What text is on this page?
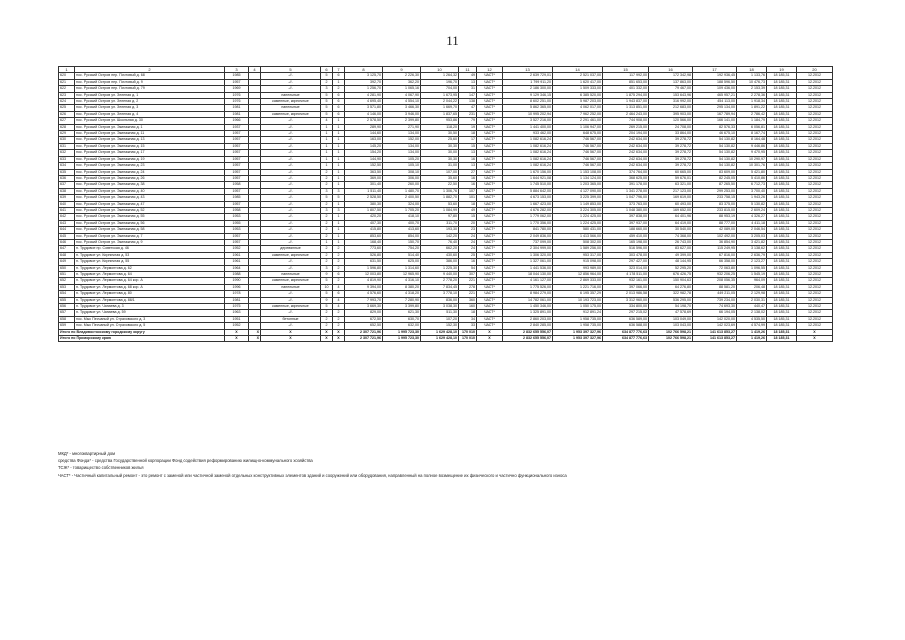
11
1	2	3	4	5	6	7	8	9	10	11	12	13	14	15	16	17	18	19	20
620	пос. Русский Остров пер. Почтовый д. 68	1985		-//-	5	6	3 125,70	2 226,30	1 264,32	49	ЧАСТ*	2 639 729,01	2 521 037,00	117 992,00	172 342,98	192 936,45	1 133,76	18 185,31	12.2012
621	пос. Русский Остров пер. Почтовый д. 9	1957		-//-	2	1	392,70	362,20	196,70	13	ЧАСТ*	1 799 911,20	1 620 417,00	851 653,00	137 863,00	188 596,50	10 476,73	18 185,31	12.2012
622	пос. Русский Остров пер. Почтовый д. 79	1969		-//-	3	2	1 256,70	1 065,16	704,00	31	ЧАСТ*	2 186 300,00	1 509 333,00	401 332,00	79 467,00	109 436,00	2 153,39	18 185,31	12.2012
623	пос. Русский Остров ул. Зеленая д. 1	1976		панельные	5	6	4 281,90	4 067,90	1 673,95	147	ЧАСТ*	9 129 346,15	6 385 520,00	1 875 294,00	153 643,96	465 957,21	2 278,36	18 185,31	12.2012
624	пос. Русский Остров ул. Зеленая д. 2	1976		каменные, кирпичные	5	6	4 695,40	4 554,10	2 044,22	138	ЧАСТ*	8 602 251,00	5 987 203,00	1 943 837,00	316 992,00	454 113,00	1 918,34	18 185,31	12.2012
625	пос. Русский Остров ул. Зеленая д. 3	1981		панельные	5	6	3 571,80	3 466,30	1 669,70	47	ЧАСТ*	5 862 365,00	4 062 017,00	1 313 851,00	212 683,00	295 134,00	1 891,22	18 185,31	12.2012
626	пос. Русский Остров ул. Зеленая д. 4	1981		каменные, кирпичные	5	6	4 146,00	3 946,00	1 837,65	231	ЧАСТ*	10 995 202,94	7 962 252,00	2 464 243,00	395 903,00	167 789,94	2 786,42	18 185,31	12.2012
627	пос. Русский Остров ул. Школьная д. 30	1966		-//-	4	1	2 578,50	2 399,80	953,86	79	ЧАСТ*	3 527 216,00	2 291 461,00	744 908,00	120 566,00	166 141,00	1 184,79	18 185,31	12.2012
628	пос. Русский Остров ул. Экипажная д. 1	1937		-//-	1	1	289,90	271,90	118,20	19	ЧАСТ*	1 441 400,00	1 106 947,00	269 215,00	24 708,00	82 576,33	6 056,81	18 185,31	12.2012
629	пос. Русский Остров ул. Экипажная д. 11	1957		-//-	1	1	144,60	134,00	30,50	18	ЧАСТ*	933 462,00	648 675,00	204 194,00	33 864,00	46 675,10	8 167,74	18 185,31	12.2012
630	пос. Русский Остров ул. Экипажная д. 13	1957		-//-	1	1	163,00	152,00	25,60	17	ЧАСТ*	1 082 616,24	746 567,00	242 634,00	39 278,72	54 130,82	8 164,48	18 185,31	12.2012
631	пос. Русский Остров ул. Экипажная д. 15	1957		-//-	1	1	145,20	134,00	30,30	15	ЧАСТ*	1 082 616,24	746 567,00	242 634,00	39 278,72	54 130,82	9 446,86	18 185,31	12.2012
632	пос. Русский Остров ул. Экипажная д. 17	1957		-//-	1	1	154,20	134,00	30,00	13	ЧАСТ*	1 082 616,24	746 567,00	242 634,00	39 278,72	54 130,82	9 470,95	18 185,31	12.2012
633	пос. Русский Остров ул. Экипажная д. 19	1957		-//-	1	1	144,90	105,20	30,30	16	ЧАСТ*	1 082 616,24	746 567,00	242 634,00	39 278,72	54 130,82	10 290,97	18 185,31	12.2012
634	пос. Русский Остров ул. Экипажная д. 23	1957		-//-	1	1	152,50	105,10	31,00	13	ЧАСТ*	1 082 616,24	746 567,00	242 634,00	39 278,72	54 130,82	10 301,76	18 185,31	12.2012
635	пос. Русский Остров ул. Экипажная д. 24	1957		-//-	2	1	363,50	308,10	107,00	27	ЧАСТ*	1 670 156,00	1 153 108,00	374 764,00	60 665,00	83 609,00	5 421,80	18 185,31	12.2012
636	пос. Русский Остров ул. Экипажная д. 26	1957		-//-	2	1	369,00	306,00	35,60	16	ЧАСТ*	1 644 921,08	1 134 124,00	368 625,00	59 676,01	82 245,05	5 410,86	18 185,31	12.2012
637	пос. Русский Остров ул. Экипажная д. 38	1958		-//-	2	1	301,40	260,00	22,50	16	ЧАСТ*	1 745 510,00	1 203 365,00	391 178,00	63 321,00	87 265,50	6 712,73	18 185,31	12.2012
638	пос. Русский Остров ул. Экипажная д. 40	1957		-//-	3	3	1 511,40	1 480,70	1 306,76	107	ЧАСТ*	5 884 642,00	4 127 090,00	1 341 278,00	217 123,00	299 253,00	3 700,40	18 185,31	12.2012
639	пос. Русский Остров ул. Экипажная д. 43	1985		-//-	5	5	2 528,50	2 400,50	1 882,70	101	ЧАСТ*	4 673 153,00	3 225 399,00	1 047 796,00	169 619,00	233 758,15	1 943,26	18 185,31	12.2012
640	пос. Русский Остров ул. Экипажная д. 47	1957		-//-	2	1	380,30	324,00	53,60	18	ЧАСТ*	1 667 423,00	1 149 853,00	373 763,00	60 493,00	83 375,00	5 130,82	18 185,31	12.2012
641	пос. Русский Остров ул. Экипажная д. 52	1958		-//-	3	3	1 807,50	1 705,20	1 084,99	49	ЧАСТ*	4 676 282,00	3 224 305,00	1 048 380,00	169 652,00	233 815,00	2 609,24	18 185,31	12.2012
642	пос. Русский Остров ул. Экипажная д. 55	1953		-//-	2	1	420,20	418,10	97,80	15	ЧАСТ*	1 779 062,00	1 224 425,00	397 838,00	64 401,96	88 953,19	4 326,27	18 185,31	12.2012
643	пос. Русский Остров ул. Экипажная д. 56	1955		-//-	2	1	407,30	400,70	311,70	20	ЧАСТ*	1 770 356,00	1 224 425,00	397 937,00	64 419,00	88 777,00	4 411,18	18 185,31	12.2012
644	пос. Русский Остров ул. Экипажная д. 58	1953		-//-	2	1	415,80	413,60	193,30	23	ЧАСТ*	841 780,00	580 431,00	188 660,00	30 540,00	42 089,00	2 046,54	18 185,31	12.2012
645	пос. Русский Остров ул. Экипажная д. 7	1957		-//-	2	1	853,60	854,00	142,20	24	ЧАСТ*	2 049 836,00	1 413 566,00	459 410,00	74 368,00	102 492,00	3 205,03	18 185,31	12.2012
646	пос. Русский Остров ул. Экипажная д. 9	1957		-//-	1	1	168,40	150,70	76,40	24	ЧАСТ*	737 099,00	508 302,00	165 198,00	26 743,00	36 854,90	3 421,82	18 185,31	12.2012
647	п. Трудовое пр. Советская д. 46	1952		деревянные	2	2	773,60	754,20	662,20	24	ЧАСТ*	2 304 999,00	1 589 256,00	516 596,00	83 627,00	115 249,95	3 138,62	18 185,31	12.2012
648	п. Трудовое ул. Кирпичная д. 53	1961		каменные, кирпичные	2	2	526,80	514,40	430,60	25	ЧАСТ*	1 306 320,00	953 317,00	303 478,00	49 399,00	67 816,00	2 636,79	18 185,31	12.2012
649	п. Трудовое ул. Кирпичная д. 55	1961		-//-	2	2	631,50	625,00	386,00	16	ЧАСТ*	1 327 061,00	915 098,00	297 427,00	48 144,95	66 358,00	2 123,27	18 185,31	12.2012
650	п. Трудовое ул. Лермонтова д. 62	1964		-//-	3	2	1 596,80	1 314,60	1 225,30	54	ЧАСТ*	1 441 536,00	993 989,00	323 014,00	52 295,20	72 063,80	1 096,55	18 185,31	12.2012
651	п. Трудовое ул. Лермонтова д. 64	1988		панельные	9	6	12 003,80	12 965,90	9 440,00	307	ЧАСТ*	18 044 130,00	12 856 964,00	4 178 511,00	676 426,75	932 206,25	1 545,19	18 185,31	12.2012
652	п. Трудовое ул. Лермонтова д. 64 кор. А	1990		каменные, кирпичные	5	2	4 819,90	4 316,10	2 778,20	221	ЧАСТ*	4 161 127,00	2 869 333,00	932 161,00	150 904,63	208 056,35	964,09	18 185,31	12.2012
653	п. Трудовое ул. Лермонтова д. 68 кор. А	1996		панельные	10	4	9 394,00	8 380,20	7 834,45	278	ЧАСТ*	1 775 526,00	1 221 716,00	397 066,00	64 276,80	88 581,20	206,48	18 185,31	12.2012
654	п. Трудовое ул. Лермонтова д. 80	1978		-//-	5	6	4 576,60	4 318,20	3 778,10	221	ЧАСТ*	8 984 279,00	6 195 357,29	2 013 986,58	322 982,78	449 211,05	2 129,98	18 185,31	12.2012
655	п. Трудовое ул. Лермонтова д. 88/1	1981		-//-	9	4	7 993,70	7 280,90	836,00	360	ЧАСТ*	14 782 061,00	10 193 723,00	3 312 960,00	536 295,00	739 234,00	2 030,31	18 185,31	12.2012
656	п. Трудовое ул. Чапаева д. 3	1975		каменные, кирпичные	5	4	3 669,30	3 399,80	3 038,30	160	ЧАСТ*	1 450 346,00	1 050 175,00	334 800,00	54 198,70	74 693,30	440,47	18 185,31	12.2012
657	п. Трудовое ул. Чапаева д. 59	1963		-//-	2	2	829,00	621,30	511,30	18	ЧАСТ*	1 325 891,00	912 891,24	297 215,02	47 578,69	66 194,05	2 138,02	18 185,31	12.2012
658	пос. Мыс Песчаный ул. Страховского д. 3	1951		бетонные	2	2	672,50	630,70	107,20	34	ЧАСТ*	2 860 203,00	1 958 735,00	636 589,00	103 049,00	142 020,00	4 535,50	18 185,31	12.2012
659	пос. Мыс Песчаный ул. Страховского д. 5	1952		-//-	2	2	652,50	632,00	152,30	33	ЧАСТ*	2 840 285,00	1 958 735,00	636 588,00	103 043,00	142 023,69	4 574,99	18 185,31	12.2012
Итого по Владивостокскому городскому округу		X	X	X	X	X	2 307 721,96	1 995 723,30	1 629 428,10	170 010	X	2 832 655 556,07	1 953 397 327,96	634 877 776,63	102 766 598,21	141 613 853,27	1 419,26	18 185,31	X
Итого по Приморскому краю		X	X	X	X	X	2 307 721,96	1 995 723,30	1 629 428,10	170 010	X	2 832 655 556,07	1 953 397 327,96	634 877 776,63	102 766 598,21	141 613 853,27	1 419,26	18 185,31	X
МКД* - многоквартирный дом
средства Фонда* - средства Государственной корпорации Фонд содействия реформированию жилищно-коммунального хозяйства
ТСЖ* - товарищество собственников жилья
ЧАСТ* - Частичный капитальный ремонт - это ремонт с заменой или частичной заменой отдельных конструктивных элементов зданий и сооружений или оборудования, направленный на полное возмещение их физического и частично функционального износа
